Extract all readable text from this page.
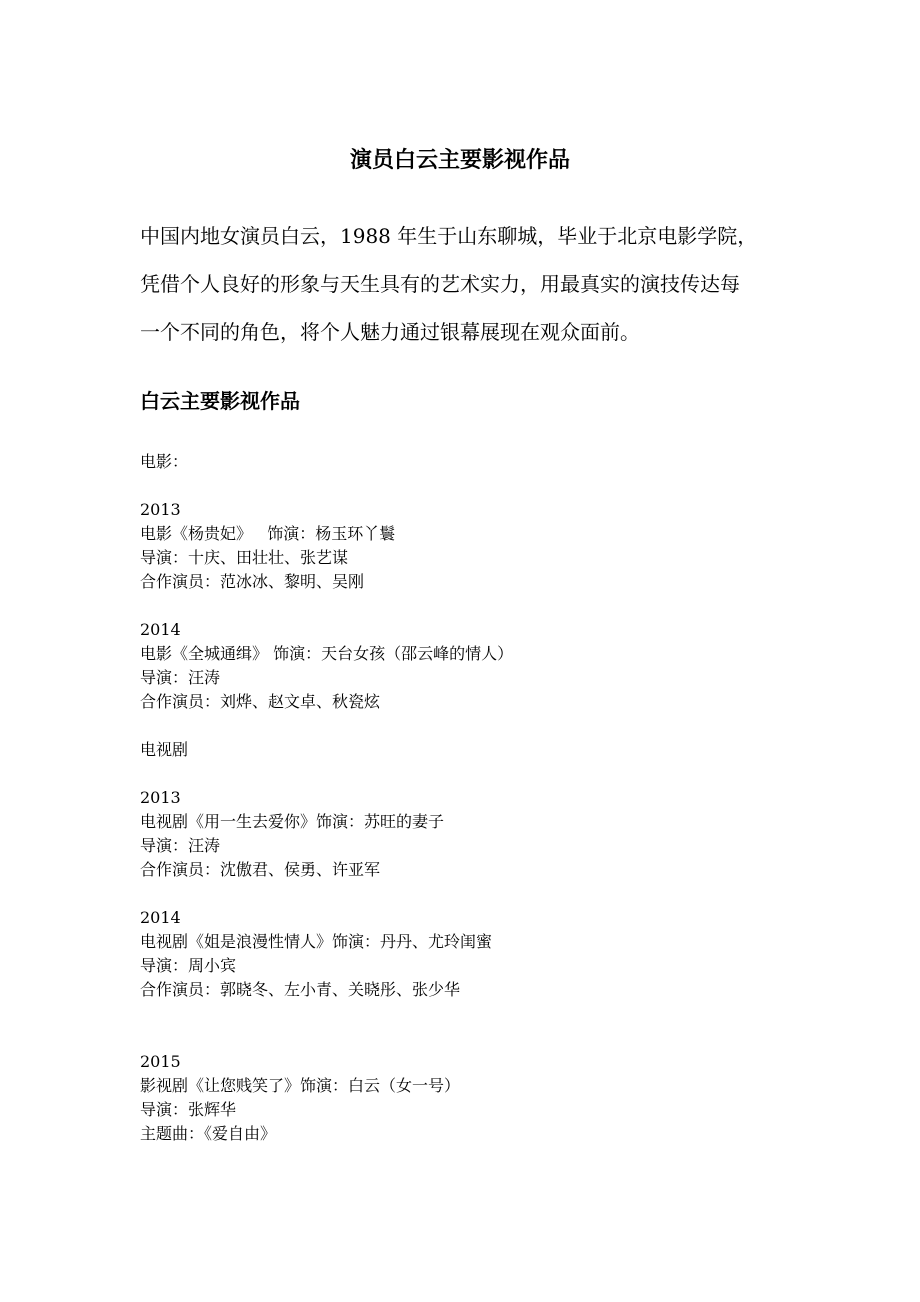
演员白云主要影视作品

中国内地女演员白云，1988 年生于山东聊城，毕业于北京电影学院，

凭借个人良好的形象与天生具有的艺术实力，用最真实的演技传达每

一个不同的角色，将个人魅力通过银幕展现在观众面前。

白云主要影视作品
电影：
2013
电影《杨贵妃》   饰演：杨玉环丫鬟
导演：十庆、田壮壮、张艺谋
合作演员：范冰冰、黎明、吴刚
2014
电影《全城通缉》 饰演：天台女孩（邵云峰的情人）
导演：汪涛
合作演员：刘烨、赵文卓、秋瓷炫
电视剧
2013
电视剧《用一生去爱你》饰演：苏旺的妻子
导演：汪涛
合作演员：沈傲君、侯勇、许亚军
2014
电视剧《姐是浪漫性情人》饰演：丹丹、尤玲闺蜜
导演：周小宾
合作演员：郭晓冬、左小青、关晓彤、张少华
2015
影视剧《让您贱笑了》饰演：白云（女一号）
导演：张辉华
主题曲：《爱自由》
